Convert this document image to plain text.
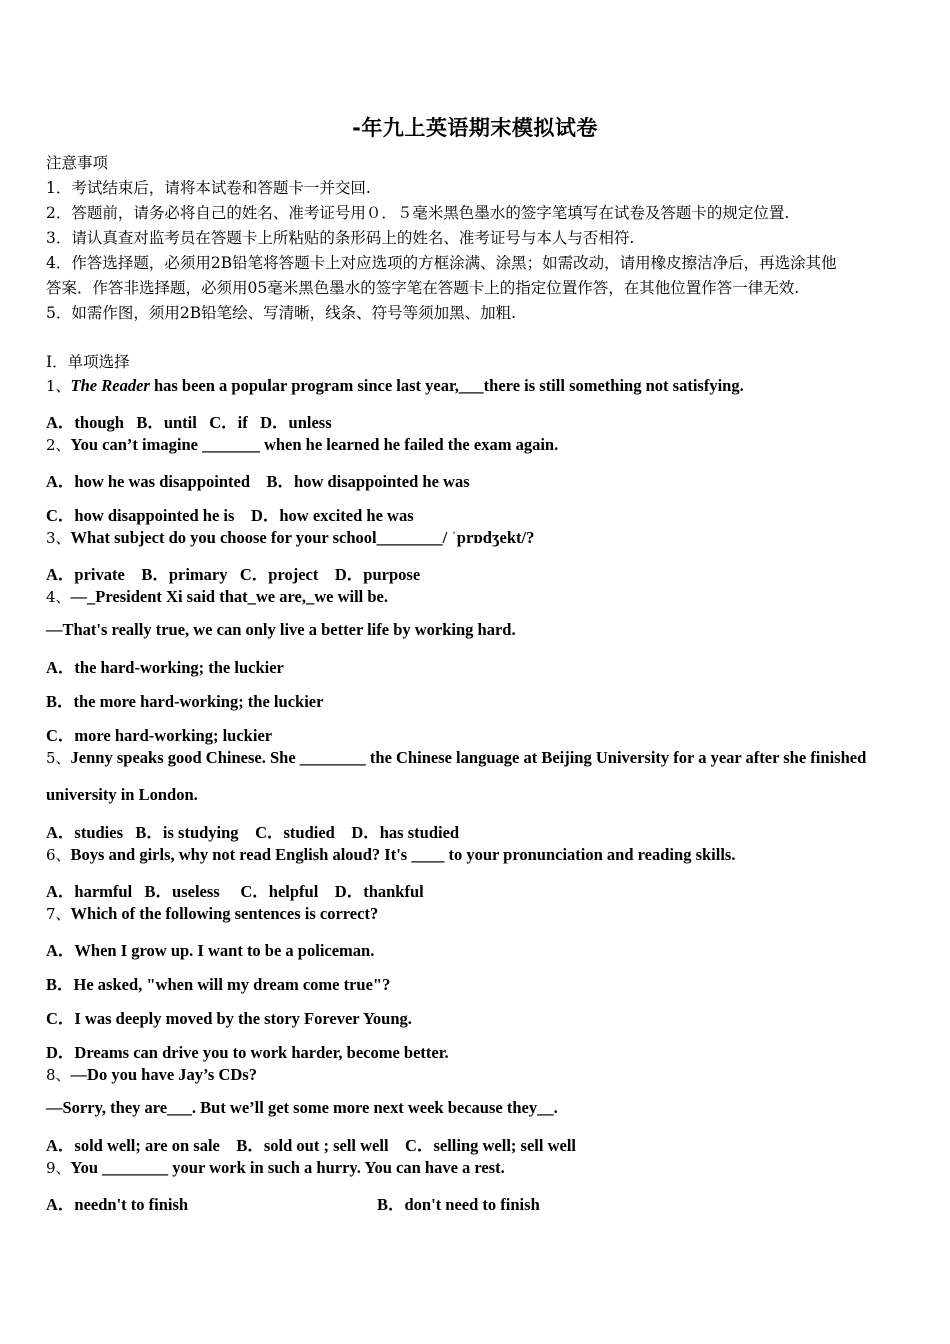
-年九上英语期末模拟试卷
注意事项
1．考试结束后，请将本试卷和答题卡一并交回.
2．答题前，请务必将自己的姓名、准考证号用０．５毫米黑色墨水的签字笔填写在试卷及答题卡的规定位置.
3．请认真查对监考员在答题卡上所粘贴的条形码上的姓名、准考证号与本人与否相符.
4．作答选择题，必须用2B铅笔将答题卡上对应选项的方框涂满、涂黑；如需改动，请用橡皮擦洁净后，再选涂其他
答案．作答非选择题，必须用05毫米黑色墨水的签字笔在答题卡上的指定位置作答，在其他位置作答一律无效.
5．如需作图，须用2B铅笔绘、写清晰，线条、符号等须加黑、加粗.
Ⅰ．单项选择
1、The Reader has been a popular program since last year,___there is still something not satisfying.
A．though B．until C．if D．unless
2、You can’t imagine _______ when he learned he failed the exam again.
A．how he was disappointed B．how disappointed he was
C．how disappointed he is D．how excited he was
3、What subject do you choose for your school________/ ˈprɒdʒekt/?
A．private B．primary C．project D．purpose
4、—_President Xi said that_we are,_we will be.
—That's really true, we can only live a better life by working hard.
A．the hard-working; the luckier
B．the more hard-working; the luckier
C．more hard-working; luckier
5、Jenny speaks good Chinese. She ________ the Chinese language at Beijing University for a year after she finished
university in London.
A．studies B．is studying C．studied D．has studied
6、Boys and girls, why not read English aloud? It's ____ to your pronunciation and reading skills.
A．harmful B．useless C．helpful D．thankful
7、Which of the following sentences is correct?
A．When I grow up. I want to be a policeman.
B．He asked, "when will my dream come true"?
C．I was deeply moved by the story Forever Young.
D．Dreams can drive you to work harder, become better.
8、—Do you have Jay’s CDs?
—Sorry, they are___. But we’ll get some more next week because they__.
A．sold well; are on sale B．sold out ; sell well C．selling well; sell well
9、You ________ your work in such a hurry. You can have a rest.
A．needn't to finish	B．don't need to finish
